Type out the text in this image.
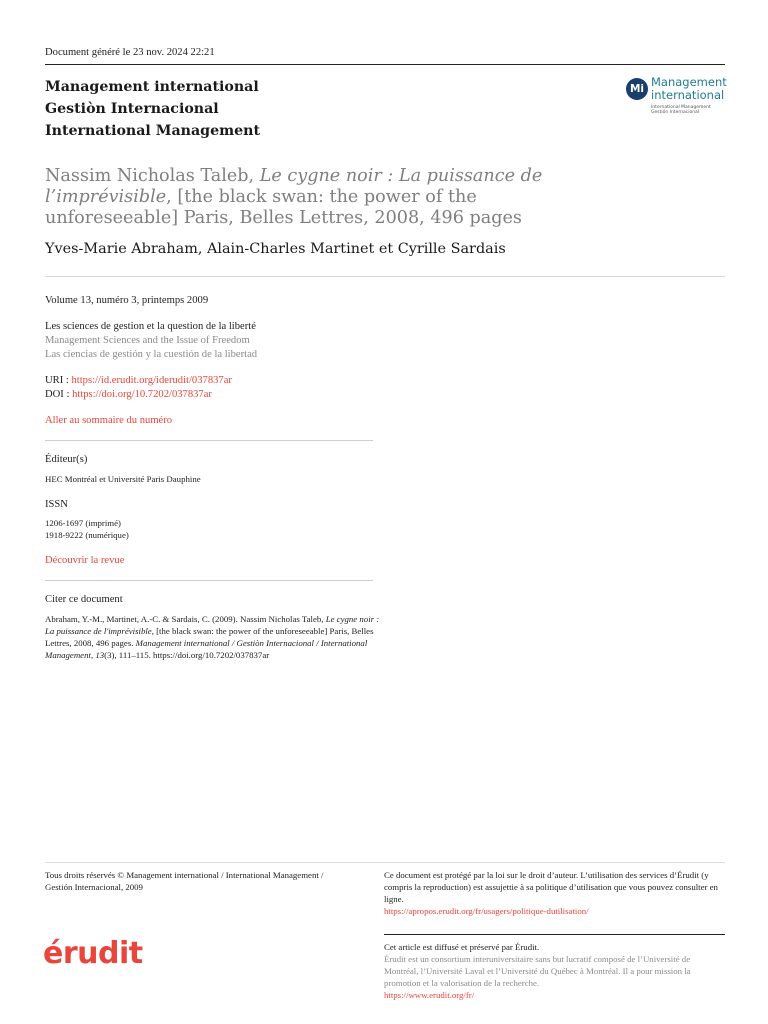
Document généré le 23 nov. 2024 22:21
Management international
Gestiòn Internacional
International Management
Mi Management
international
International Management
Gestión Internacional
Nassim Nicholas Taleb, Le cygne noir : La puissance de l’imprévisible, [the black swan: the power of the unforeseeable] Paris, Belles Lettres, 2008, 496 pages
Yves-Marie Abraham, Alain-Charles Martinet et Cyrille Sardais
Volume 13, numéro 3, printemps 2009
Les sciences de gestion et la question de la liberté
Management Sciences and the Issue of Freedom
Las ciencias de gestión y la cuestión de la libertad
URI : https://id.erudit.org/iderudit/037837ar
DOI : https://doi.org/10.7202/037837ar
Aller au sommaire du numéro
Éditeur(s)
HEC Montréal et Université Paris Dauphine
ISSN
1206-1697 (imprimé)
1918-9222 (numérique)
Découvrir la revue
Citer ce document
Abraham, Y.-M., Martinet, A.-C. & Sardais, C. (2009). Nassim Nicholas Taleb, Le cygne noir : La puissance de l'imprévisible, [the black swan: the power of the unforeseeable] Paris, Belles Lettres, 2008, 496 pages. Management international / Gestiòn Internacional / International Management, 13(3), 111–115. https://doi.org/10.7202/037837ar
Tous droits réservés © Management international / International Management / Gestión Internacional, 2009
Ce document est protégé par la loi sur le droit d’auteur. L’utilisation des services d’Érudit (y compris la reproduction) est assujettie à sa politique d’utilisation que vous pouvez consulter en ligne.
https://apropos.erudit.org/fr/usagers/politique-dutilisation/
érudit	Cet article est diffusé et préservé par Érudit.
Érudit est un consortium interuniversitaire sans but lucratif composé de l’Université de Montréal, l’Université Laval et l’Université du Québec à Montréal. Il a pour mission la promotion et la valorisation de la recherche.
https://www.erudit.org/fr/
